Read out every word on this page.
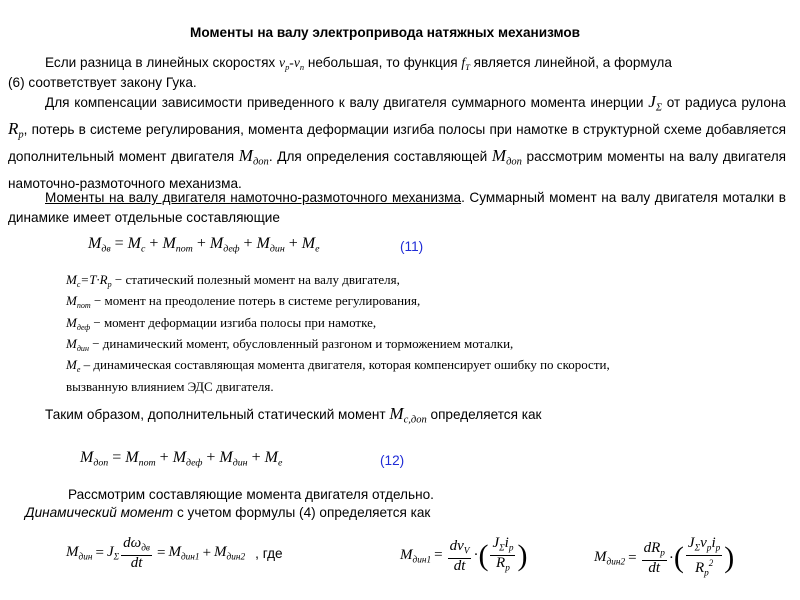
Моменты на валу электропривода натяжных механизмов
Если разница в линейных скоростях $v_р-v_п$ небольшая, то функция $f_T$ является линейной, а формула
(6) соответствует закону Гука.
Для компенсации зависимости приведенного к валу двигателя суммарного момента инерции $J_\Sigma$ от радиуса рулона $R_р$, потерь в системе регулирования, момента деформации изгиба полосы при намотке в структурной схеме добавляется дополнительный момент двигателя $M_{доп}$. Для определения составляющей $M_{доп}$ рассмотрим моменты на валу двигателя намоточно-размоточного механизма.
Моменты на валу двигателя намоточно-размоточного механизма. Суммарный момент на валу двигателя моталки в динамике имеет отдельные составляющие
$M_{дв} = M_с + M_{пот} + M_{деф} + M_{дин} + M_е$	(11)
$M_c=T\cdot R_р$ − статический полезный момент на валу двигателя,
$M_{пот}$ − момент на преодоление потерь в системе регулирования,
$M_{деф}$ − момент деформации изгиба полосы при намотке,
$M_{дин}$ − динамический момент, обусловленный разгоном и торможением моталки,
$M_е$ – динамическая составляющая момента двигателя, которая компенсирует ошибку по скорости,
вызванную влиянием ЭДС двигателя.
Таким образом, дополнительный статический момент $M_{с,доп}$ определяется как
$M_{доп} = M_{пот} + M_{деф} + M_{дин} + M_е$	(12)
Рассмотрим составляющие момента двигателя отдельно.
Динамический момент с учетом формулы (4) определяется как
$M_{дин} = J_\Sigma \frac{d\omega_{дв}}{dt} = M_{дин1} + M_{дин2}$ , где	$M_{дин1} = \frac{dv_V}{dt}$ · ( $\frac{J_\Sigma i_р}{R_р}$ )	$M_{дин2} = \frac{dR_р}{dt}$ · ( $\frac{J_\Sigma v_рi_р}{R_р^2}$ )
